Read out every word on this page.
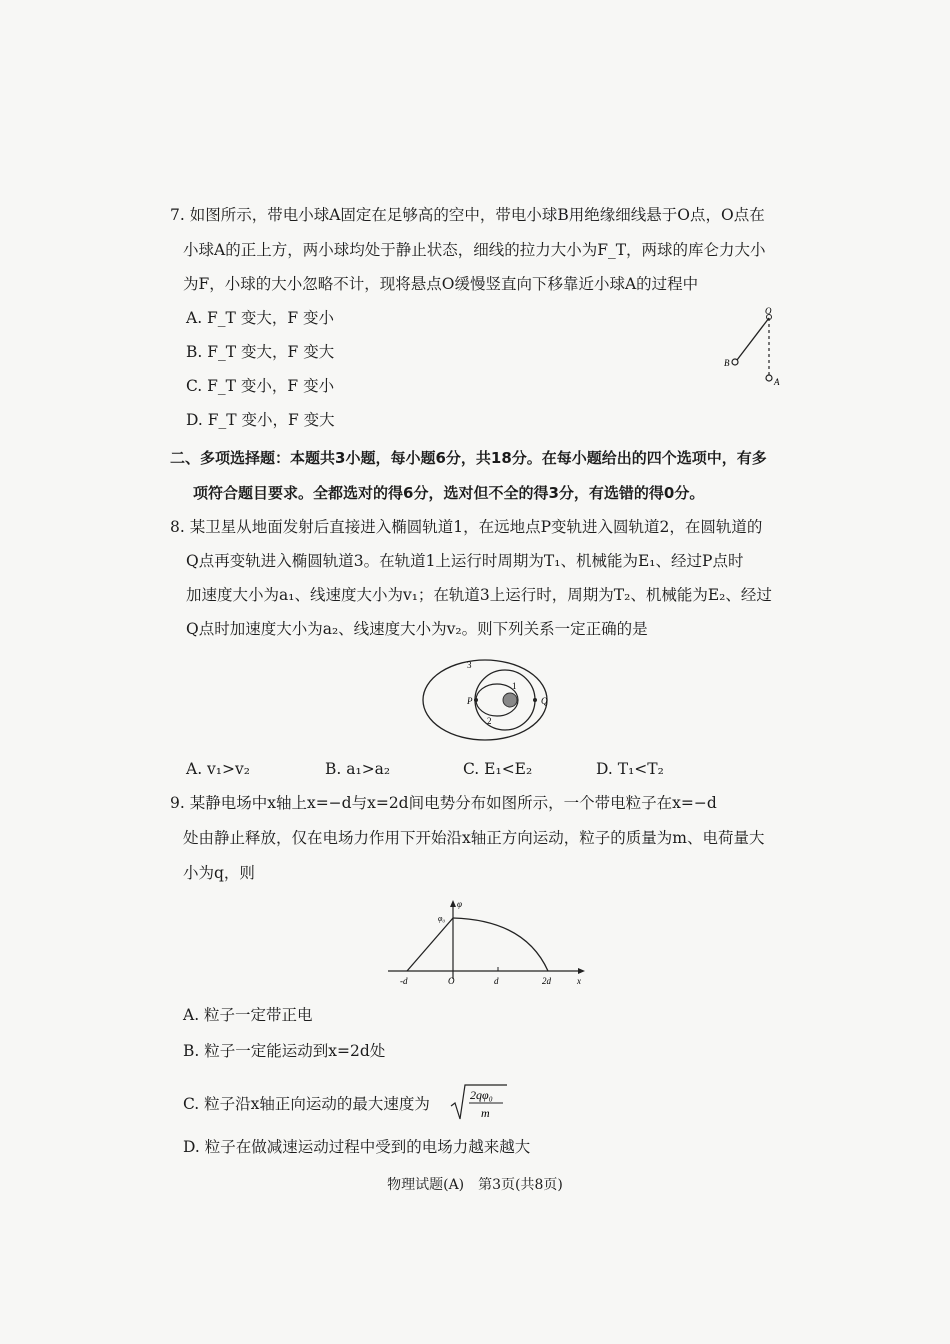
7. 如图所示，带电小球A固定在足够高的空中，带电小球B用绝缘细线悬于O点，O点在
小球A的正上方，两小球均处于静止状态，细线的拉力大小为F_T，两球的库仑力大小
为F，小球的大小忽略不计，现将悬点O缓慢竖直向下移靠近小球A的过程中
A. F_T 变大，F 变小
B. F_T 变大，F 变大
C. F_T 变小，F 变小
D. F_T 变小，F 变大
O
B
A
二、多项选择题：本题共3小题，每小题6分，共18分。在每小题给出的四个选项中，有多
项符合题目要求。全都选对的得6分，选对但不全的得3分，有选错的得0分。
8. 某卫星从地面发射后直接进入椭圆轨道1，在远地点P变轨进入圆轨道2，在圆轨道的
Q点再变轨进入椭圆轨道3。在轨道1上运行时周期为T₁、机械能为E₁、经过P点时
加速度大小为a₁、线速度大小为v₁；在轨道3上运行时，周期为T₂、机械能为E₂、经过
Q点时加速度大小为a₂、线速度大小为v₂。则下列关系一定正确的是
3
1
2
P	Q
A. v₁>v₂	B. a₁>a₂	C. E₁<E₂	D. T₁<T₂
9. 某静电场中x轴上x=−d与x=2d间电势分布如图所示，一个带电粒子在x=−d
处由静止释放，仅在电场力作用下开始沿x轴正方向运动，粒子的质量为m、电荷量大
小为q，则
φ
φ₀
-d	O	d	2d	x
A. 粒子一定带正电
B. 粒子一定能运动到x=2d处
C. 粒子沿x轴正向运动的最大速度为	2qφ₀
m
D. 粒子在做减速运动过程中受到的电场力越来越大
物理试题(A)　第3页(共8页)
